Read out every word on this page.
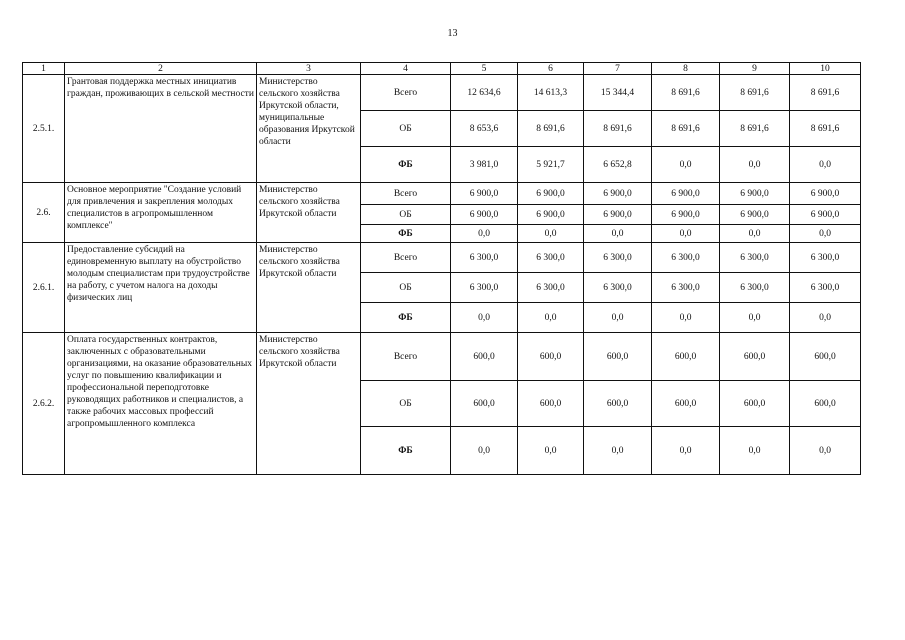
13
1	2	3	4	5	6	7	8	9	10
2.5.1.	Грантовая поддержка местных инициатив граждан, проживающих в сельской местности	Министерство сельского хозяйства Иркутской области, муниципальные образования Иркутской области	Всего	12 634,6	14 613,3	15 344,4	8 691,6	8 691,6	8 691,6
			ОБ	8 653,6	8 691,6	8 691,6	8 691,6	8 691,6	8 691,6
			ФБ	3 981,0	5 921,7	6 652,8	0,0	0,0	0,0
2.6.	Основное мероприятие "Создание условий для привлечения и закрепления молодых специалистов в агропромышленном комплексе"	Министерство сельского хозяйства Иркутской области	Всего	6 900,0	6 900,0	6 900,0	6 900,0	6 900,0	6 900,0
			ОБ	6 900,0	6 900,0	6 900,0	6 900,0	6 900,0	6 900,0
			ФБ	0,0	0,0	0,0	0,0	0,0	0,0
2.6.1.	Предоставление субсидий на единовременную выплату на обустройство молодым специалистам при трудоустройстве на работу, с учетом налога на доходы физических лиц	Министерство сельского хозяйства Иркутской области	Всего	6 300,0	6 300,0	6 300,0	6 300,0	6 300,0	6 300,0
			ОБ	6 300,0	6 300,0	6 300,0	6 300,0	6 300,0	6 300,0
			ФБ	0,0	0,0	0,0	0,0	0,0	0,0
2.6.2.	Оплата государственных контрактов, заключенных с образовательными организациями, на оказание образовательных услуг по повышению квалификации и профессиональной переподготовке руководящих работников и специалистов, а также рабочих массовых профессий агропромышленного комплекса	Министерство сельского хозяйства Иркутской области	Всего	600,0	600,0	600,0	600,0	600,0	600,0
			ОБ	600,0	600,0	600,0	600,0	600,0	600,0
			ФБ	0,0	0,0	0,0	0,0	0,0	0,0
